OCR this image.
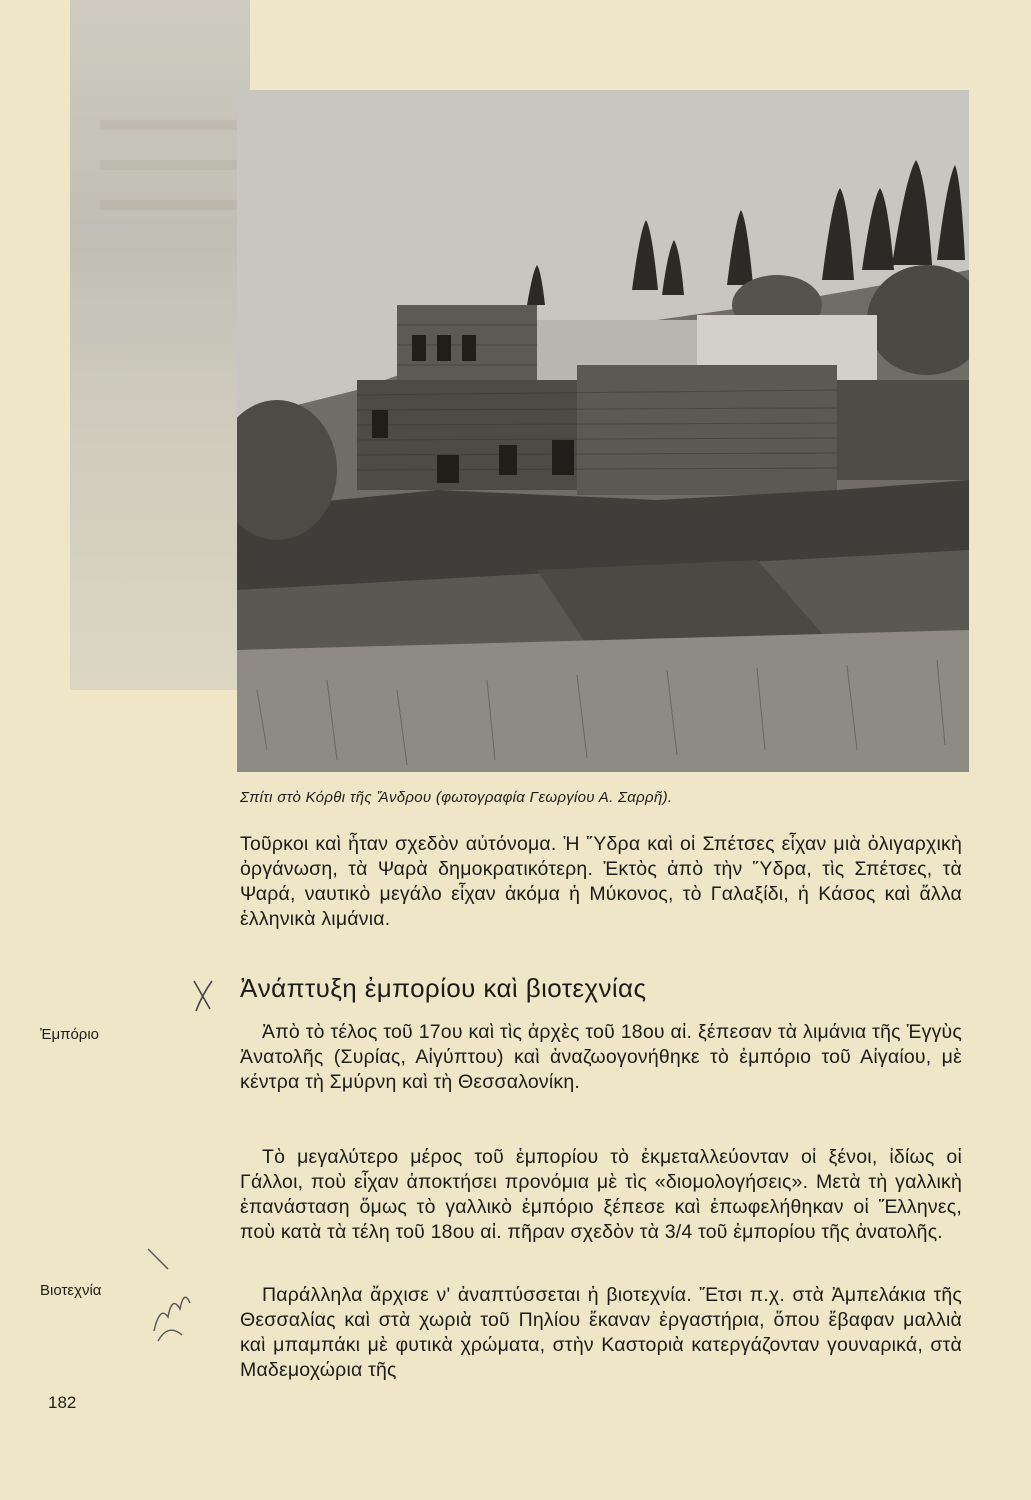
Σπίτι στὸ Κόρθι τῆς Ἄνδρου (φωτογραφία Γεωργίου Α. Σαρρῆ).

Τοῦρκοι καὶ ἦταν σχεδὸν αὐτόνομα. Ἡ Ὕδρα καὶ οἱ Σπέτσες εἶχαν μιὰ ὀλιγαρχικὴ ὀργάνωση, τὰ Ψαρὰ δημοκρατικότερη. Ἐκτὸς ἀπὸ τὴν Ὕδρα, τὶς Σπέτσες, τὰ Ψαρά, ναυτικὸ μεγάλο εἶχαν ἀκόμα ἡ Μύκονος, τὸ Γαλαξίδι, ἡ Κάσος καὶ ἄλλα ἑλληνικὰ λιμάνια.

Ἀνάπτυξη ἐμπορίου καὶ βιοτεχνίας
Ἐμπόριο	Ἀπὸ τὸ τέλος τοῦ 17ου καὶ τὶς ἀρχὲς τοῦ 18ου αἰ. ξέπεσαν τὰ λιμάνια τῆς Ἐγγὺς Ἀνατολῆς (Συρίας, Αἰγύπτου) καὶ ἀναζωογονήθηκε τὸ ἐμπόριο τοῦ Αἰγαίου, μὲ κέντρα τὴ Σμύρνη καὶ τὴ Θεσσαλονίκη.

Τὸ μεγαλύτερο μέρος τοῦ ἐμπορίου τὸ ἐκμεταλλεύονταν οἱ ξένοι, ἰδίως οἱ Γάλλοι, ποὺ εἶχαν ἀποκτήσει προνόμια μὲ τὶς «διομολογήσεις». Μετὰ τὴ γαλλικὴ ἐπανάσταση ὅμως τὸ γαλλικὸ ἐμπόριο ξέπεσε καὶ ἐπωφελήθηκαν οἱ Ἕλληνες, ποὺ κατὰ τὰ τέλη τοῦ 18ου αἰ. πῆραν σχεδὸν τὰ 3/4 τοῦ ἐμπορίου τῆς ἀνατολῆς.

Βιοτεχνία	Παράλληλα ἄρχισε ν' ἀναπτύσσεται ἡ βιοτεχνία. Ἔτσι π.χ. στὰ Ἀμπελάκια τῆς Θεσσαλίας καὶ στὰ χωριὰ τοῦ Πηλίου ἔκαναν ἐργαστήρια, ὅπου ἔβαφαν μαλλιὰ καὶ μπαμπάκι μὲ φυτικὰ χρώματα, στὴν Καστοριὰ κατεργάζονταν γουναρικά, στὰ Μαδεμοχώρια τῆς

182
